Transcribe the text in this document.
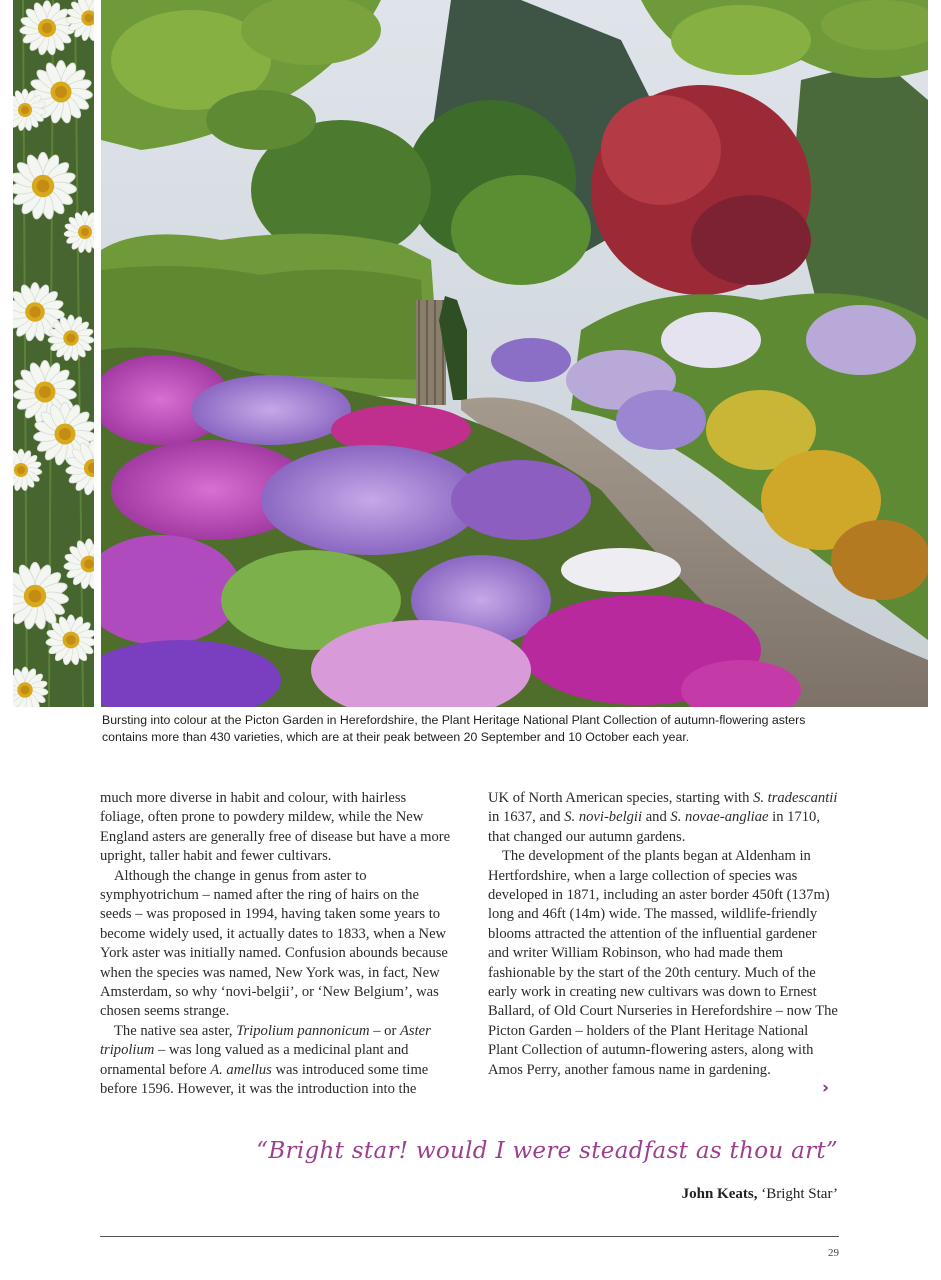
Bursting into colour at the Picton Garden in Herefordshire, the Plant Heritage National Plant Collection of autumn-flowering asters contains more than 430 varieties, which are at their peak between 20 September and 10 October each year.

much more diverse in habit and colour, with hairless foliage, often prone to powdery mildew, while the New England asters are generally free of disease but have a more upright, taller habit and fewer cultivars.

Although the change in genus from aster to symphyotrichum – named after the ring of hairs on the seeds – was proposed in 1994, having taken some years to become widely used, it actually dates to 1833, when a New York aster was initially named. Confusion abounds because when the species was named, New York was, in fact, New Amsterdam, so why ‘novi-belgii’, or ‘New Belgium’, was chosen seems strange.

The native sea aster, Tripolium pannonicum – or Aster tripolium – was long valued as a medicinal plant and ornamental before A. amellus was introduced some time before 1596. However, it was the introduction into the

UK of North American species, starting with S. tradescantii in 1637, and S. novi-belgii and S. novae-angliae in 1710, that changed our autumn gardens.

The development of the plants began at Aldenham in Hertfordshire, when a large collection of species was developed in 1871, including an aster border 450ft (137m) long and 46ft (14m) wide. The massed, wildlife-friendly blooms attracted the attention of the influential gardener and writer William Robinson, who had made them fashionable by the start of the 20th century. Much of the early work in creating new cultivars was down to Ernest Ballard, of Old Court Nurseries in Herefordshire – now The Picton Garden – holders of the Plant Heritage National Plant Collection of autumn-flowering asters, along with Amos Perry, another famous name in gardening.

›
“Bright star! would I were steadfast as thou art”
John Keats, ‘Bright Star’
29
